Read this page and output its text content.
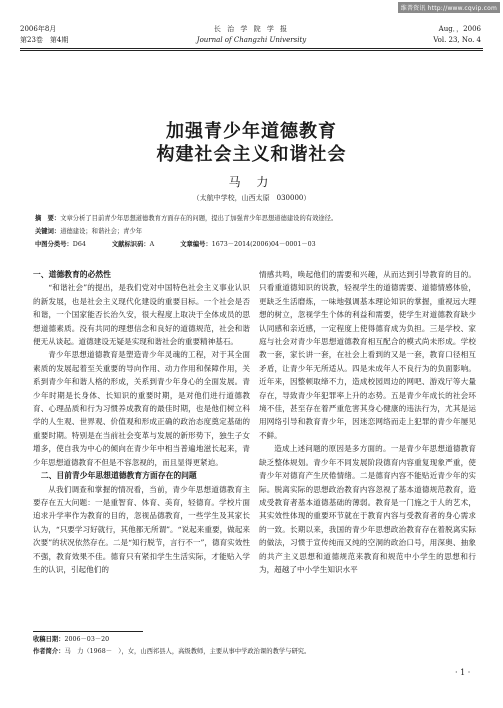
维普资讯 http://www.cqvip.com
2006年8月
第23卷　第4期
长 治 学 院 学 报
Journal of Changzhi University
Aug．，2006
Vol. 23, No. 4
加强青少年道德教育
构建社会主义和谐社会
马 力
（太航中学校，山西太原　030000）
摘　要：文章分析了目前青少年思想道德教育方面存在的问题，提出了加强青少年思想道德建设的有效途径。
关键词：道德建设；和谐社会；青少年
中图分类号：D64	文献标识码：A	文章编号：1673－2014(2006)04－0001－03
一、道德教育的必然性

“和谐社会”的提出，是我们党对中国特色社会主义事业认识的新发展，也是社会主义现代化建设的重要目标。一个社会是否和谐，一个国家能否长治久安，很大程度上取决于全体成员的思想道德素质。没有共同的理想信念和良好的道德规范，社会和谐便无从谈起。道德建设无疑是实现和谐社会的重要精神基石。

青少年思想道德教育是塑造青少年灵魂的工程，对于其全面素质的发展起着至关重要的导向作用、动力作用和保障作用，关系到青少年和谐人格的形成，关系到青少年身心的全面发展。青少年时期是长身体、长知识的重要时期，是对他们进行道德教育、心理品质和行为习惯养成教育的最佳时期，也是他们树立科学的人生观、世界观、价值观和形成正确的政治态度奠定基础的重要时期。特别是在当前社会变革与发展的新形势下，独生子女增多，使自我为中心的倾向在青少年中相当普遍地滋长起来，青少年思想道德教育不但是不容忽视的，而且显得更紧迫。

二、目前青少年思想道德教育方面存在的问题

从我们调查和掌握的情况看，当前，青少年思想道德教育主要存在五大问题：一是重智育、体育、美育，轻德育。学校片面追求升学率作为教育的目的，忽视品德教育，一些学生及其家长认为，“只要学习好就行，其他都无所谓”。“说起来重要，做起来次要”的状况依然存在。二是“知行脱节，言行不一”，德育实效性不强，教育效果不佳。德育只有紧扣学生生活实际，才能贴入学生的认识，引起他们的

情感共鸣，唤起他们的需要和兴趣，从而达到引导教育的目的。只看重道德知识的说教，轻视学生的道德需要、道德情感体验，更缺乏生活磨炼，一味地强调基本理论知识的掌握，重视远大理想的树立，忽视学生个体的利益和需要，使学生对道德教育缺少认同感和亲近感，一定程度上使得德育成为负担。三是学校、家庭与社会对青少年思想道德教育相互配合的模式尚未形成。学校教一套，家长讲一套，在社会上看到的又是一套，教育口径相互矛盾，让青少年无所适从。四是未成年人不良行为的负面影响。近年来，因整顿取缔不力，造成校园周边的网吧、游戏厅等大量存在，导致青少年犯罪率上升的态势。五是青少年成长的社会环境不佳，甚至存在着严重危害其身心健康的违法行为，尤其是运用网络引导和教育青少年，因迷恋网络而走上犯罪的青少年屡见不鲜。

造成上述问题的原因是多方面的。一是青少年思想道德教育缺乏整体规划。青少年不同发展阶段德育内容重复现象严重，使青少年对德育产生厌倦情绪。二是德育内容不能贴近青少年的实际。脱离实际的思想政治教育内容忽视了基本道德规范教育，造成受教育者基本道德基础的薄弱。教育是一门施之于人的艺术，其实效性体现的重要环节就在于教育内容与受教育者的身心需求的一致。长期以来，我国的青少年思想政治教育存在着脱离实际的做法，习惯于宣传纯而又纯的空洞的政治口号，用深奥、抽象的共产主义思想和道德规范来教育和规范中小学生的思想和行为，超越了中小学生知识水平

收稿日期：2006－03－20
作者简介：马　力（1968－　），女，山西祁县人，高级教师，主要从事中学政治课的教学与研究。
· 1 ·
